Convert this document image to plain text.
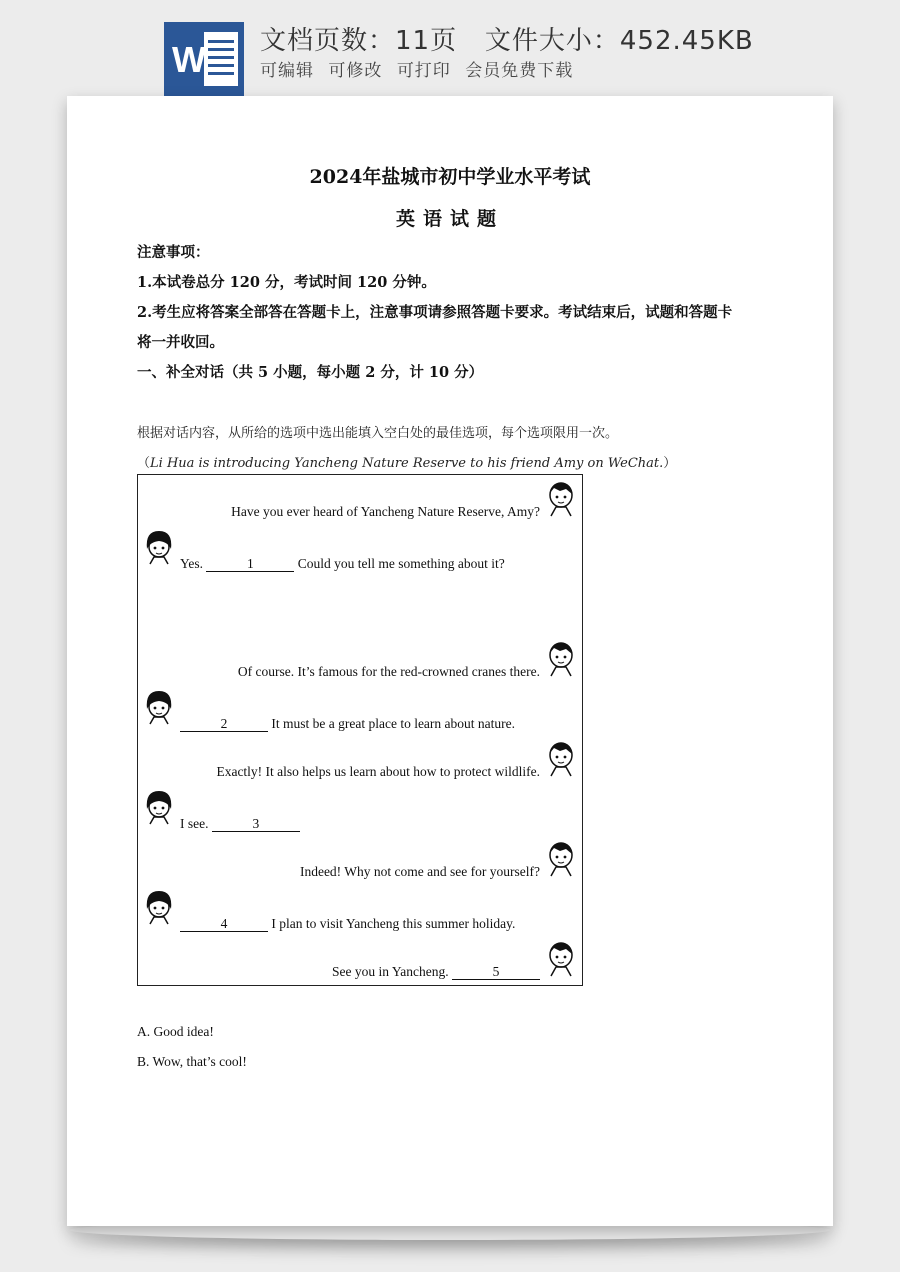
W 文档页数：11页   文件大小：452.45KB
可编辑 可修改 可打印 会员免费下载
2024年盐城市初中学业水平考试
英语试题
注意事项：
1.本试卷总分 120 分，考试时间 120 分钟。
2.考生应将答案全部答在答题卡上，注意事项请参照答题卡要求。考试结束后，试题和答题卡
将一并收回。
一、补全对话（共 5 小题，每小题 2 分，计 10 分）
根据对话内容，从所给的选项中选出能填入空白处的最佳选项，每个选项限用一次。
（Li Hua is introducing Yancheng Nature Reserve to his friend Amy on WeChat.）
Have you ever heard of Yancheng Nature Reserve, Amy?
Yes.	1	Could you tell me something about it?
Of course. It’s famous for the red-crowned cranes there.
2	It must be a great place to learn about nature.
Exactly! It also helps us learn about how to protect wildlife.
I see.	3
Indeed! Why not come and see for yourself?
4	I plan to visit Yancheng this summer holiday.
See you in Yancheng.	5
A. Good idea!
B. Wow, that’s cool!
